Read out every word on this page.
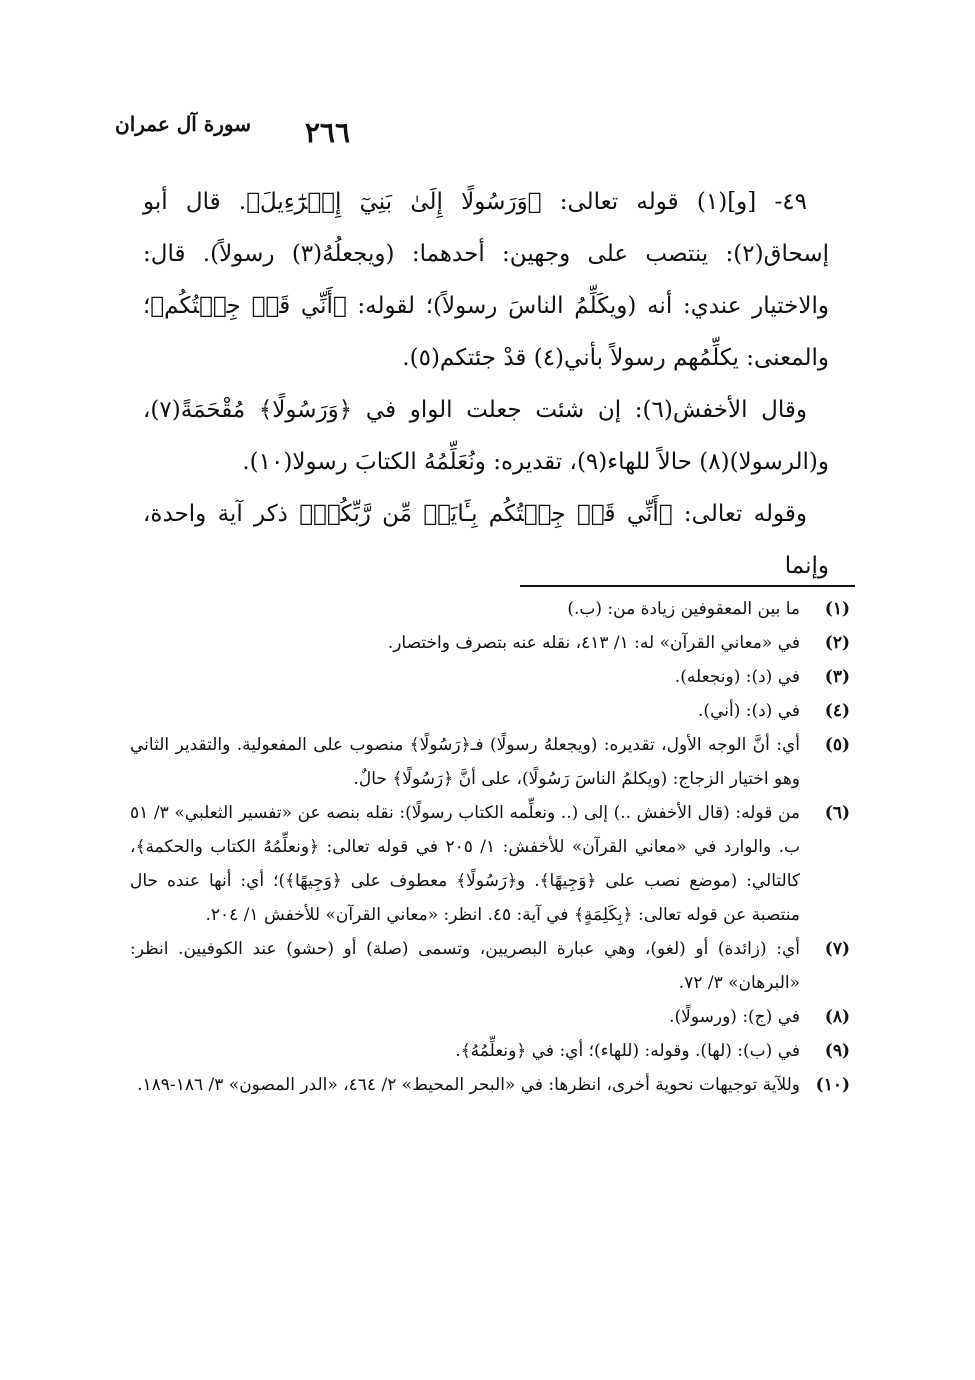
٢٦٦
سورة آل عمران

٤٩- [و](١) قوله تعالى: ﴿وَرَسُولًا إِلَىٰ بَنِيٓ إِسۡرَٰٓءِيلَ﴾. قال أبو إسحاق(٢): ينتصب على وجهين: أحدهما: (ويجعلُهُ(٣) رسولاً). قال: والاختيار عندي: أنه (ويكَلِّمُ الناسَ رسولاً)؛ لقوله: ﴿أَنِّي قَدۡ جِئۡتُكُم﴾؛ والمعنى: يكلِّمُهم رسولاً بأني(٤) قدْ جئتكم(٥).

وقال الأخفش(٦): إن شئت جعلت الواو في ﴿وَرَسُولًا﴾ مُقْحَمَةً(٧)، و(الرسولا)(٨) حالاً للهاء(٩)، تقديره: ونُعَلِّمُهُ الكتابَ رسولا(١٠).

وقوله تعالى: ﴿أَنِّي قَدۡ جِئۡتُكُم بِـَٔايَةٖ مِّن رَّبِّكُمۡ﴾ ذكر آية واحدة، وإنما

(١)
ما بين المعقوفين زيادة من: (ب.)
(٢)
في «معاني القرآن» له: ١/ ٤١٣، نقله عنه بتصرف واختصار.
(٣)
في (د): (ونجعله).
(٤)
في (د): (أني).
(٥)
أي: أنَّ الوجه الأول، تقديره: (ويجعلهُ رسولًا) فـ﴿رَسُولًا﴾ منصوب على المفعولية. والتقدير الثاني وهو اختيار الزجاج: (ويكلمُ الناسَ رَسُولًا)، على أنَّ ﴿رَسُولًا﴾ حالٌ.
(٦)
من قوله: (قال الأخفش ..) إلى (.. ونعلِّمه الكتاب رسولًا): نقله بنصه عن «تفسير الثعلبي» ٣/ ٥١ ب. والوارد في «معاني القرآن» للأخفش: ١/ ٢٠٥ في قوله تعالى: ﴿ونعلِّمُهُ الكتاب والحكمة﴾، كالتالي: (موضع نصب على ﴿وَجِيهًا﴾. و﴿رَسُولًا﴾ معطوف على ﴿وَجِيهًا﴾)؛ أي: أنها عنده حال منتصبة عن قوله تعالى: ﴿بِكَلِمَةٍ﴾ في آية: ٤٥. انظر: «معاني القرآن» للأخفش ١/ ٢٠٤.
(٧)
أي: (زائدة) أو (لغو)، وهي عبارة البصريين، وتسمى (صلة) أو (حشو) عند الكوفيين. انظر: «البرهان» ٣/ ٧٢.
(٨)
في (ج): (ورسولًا).
(٩)
في (ب): (لها). وقوله: (للهاء)؛ أي: في ﴿ونعلِّمُهُ﴾.
(١٠)
وللآية توجيهات نحوية أخرى، انظرها: في «البحر المحيط» ٢/ ٤٦٤، «الدر المصون» ٣/ ١٨٦-١٨٩.
